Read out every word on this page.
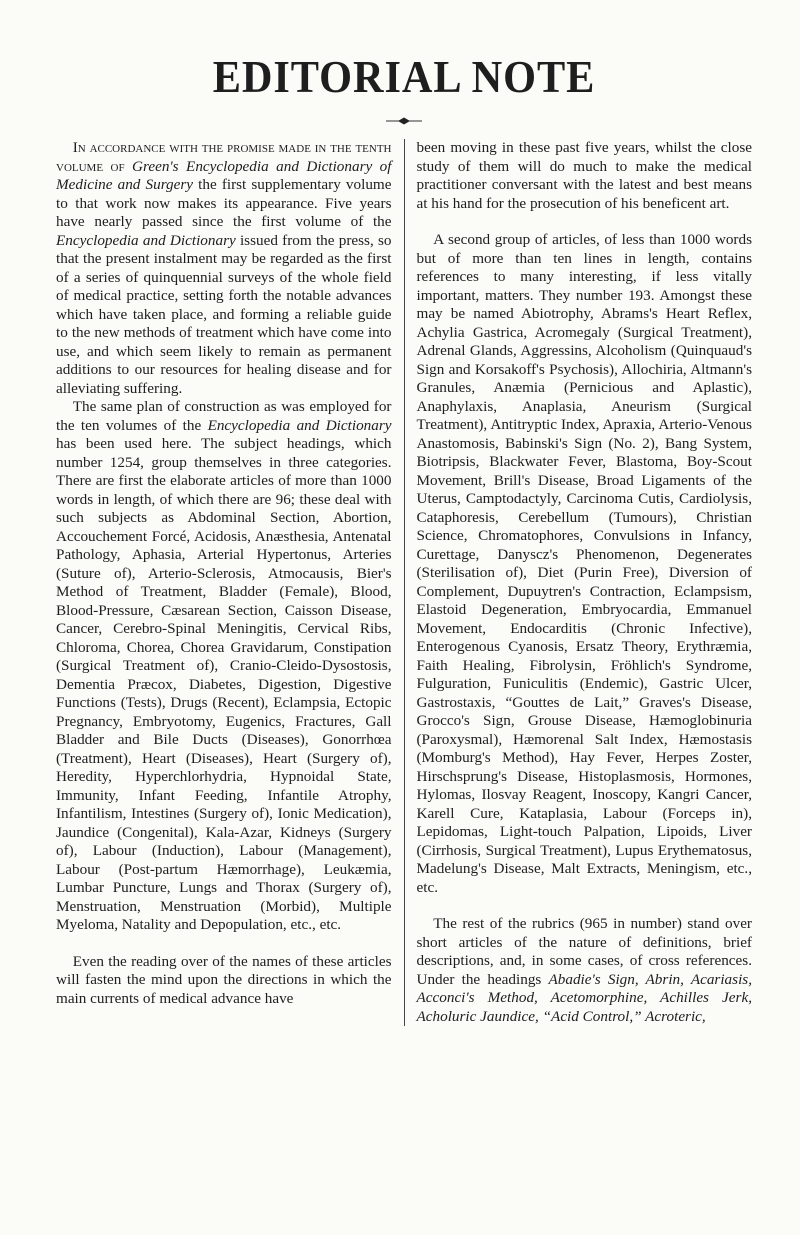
EDITORIAL NOTE

In accordance with the promise made in the tenth volume of Green's Encyclopedia and Dictionary of Medicine and Surgery the first supplementary volume to that work now makes its appearance. Five years have nearly passed since the first volume of the Encyclopedia and Dictionary issued from the press, so that the present instalment may be regarded as the first of a series of quinquennial surveys of the whole field of medical practice, setting forth the notable advances which have taken place, and forming a reliable guide to the new methods of treatment which have come into use, and which seem likely to remain as permanent additions to our resources for healing disease and for alleviating suffering.

The same plan of construction as was employed for the ten volumes of the Encyclopedia and Dictionary has been used here. The subject headings, which number 1254, group themselves in three categories. There are first the elaborate articles of more than 1000 words in length, of which there are 96; these deal with such subjects as Abdominal Section, Abortion, Accouchement Forcé, Acidosis, Anæsthesia, Antenatal Pathology, Aphasia, Arterial Hypertonus, Arteries (Suture of), Arterio-Sclerosis, Atmocausis, Bier's Method of Treatment, Bladder (Female), Blood, Blood-Pressure, Cæsarean Section, Caisson Disease, Cancer, Cerebro-Spinal Meningitis, Cervical Ribs, Chloroma, Chorea, Chorea Gravidarum, Constipation (Surgical Treatment of), Cranio-Cleido-Dysostosis, Dementia Præcox, Diabetes, Digestion, Digestive Functions (Tests), Drugs (Recent), Eclampsia, Ectopic Pregnancy, Embryotomy, Eugenics, Fractures, Gall Bladder and Bile Ducts (Diseases), Gonorrhœa (Treatment), Heart (Diseases), Heart (Surgery of), Heredity, Hyperchlorhydria, Hypnoidal State, Immunity, Infant Feeding, Infantile Atrophy, Infantilism, Intestines (Surgery of), Ionic Medication), Jaundice (Congenital), Kala-Azar, Kidneys (Surgery of), Labour (Induction), Labour (Management), Labour (Post-partum Hæmorrhage), Leukæmia, Lumbar Puncture, Lungs and Thorax (Surgery of), Menstruation, Menstruation (Morbid), Multiple Myeloma, Natality and Depopulation, etc., etc.

Even the reading over of the names of these articles will fasten the mind upon the directions in which the main currents of medical advance have

been moving in these past five years, whilst the close study of them will do much to make the medical practitioner conversant with the latest and best means at his hand for the prosecution of his beneficent art.

A second group of articles, of less than 1000 words but of more than ten lines in length, contains references to many interesting, if less vitally important, matters. They number 193. Amongst these may be named Abiotrophy, Abrams's Heart Reflex, Achylia Gastrica, Acromegaly (Surgical Treatment), Adrenal Glands, Aggressins, Alcoholism (Quinquaud's Sign and Korsakoff's Psychosis), Allochiria, Altmann's Granules, Anæmia (Pernicious and Aplastic), Anaphylaxis, Anaplasia, Aneurism (Surgical Treatment), Antitryptic Index, Apraxia, Arterio-Venous Anastomosis, Babinski's Sign (No. 2), Bang System, Biotripsis, Blackwater Fever, Blastoma, Boy-Scout Movement, Brill's Disease, Broad Ligaments of the Uterus, Camptodactyly, Carcinoma Cutis, Cardiolysis, Cataphoresis, Cerebellum (Tumours), Christian Science, Chromatophores, Convulsions in Infancy, Curettage, Danyscz's Phenomenon, Degenerates (Sterilisation of), Diet (Purin Free), Diversion of Complement, Dupuytren's Contraction, Eclampsism, Elastoid Degeneration, Embryocardia, Emmanuel Movement, Endocarditis (Chronic Infective), Enterogenous Cyanosis, Ersatz Theory, Erythræmia, Faith Healing, Fibrolysin, Fröhlich's Syndrome, Fulguration, Funiculitis (Endemic), Gastric Ulcer, Gastrostaxis, “Gouttes de Lait,” Graves's Disease, Grocco's Sign, Grouse Disease, Hæmoglobinuria (Paroxysmal), Hæmorenal Salt Index, Hæmostasis (Momburg's Method), Hay Fever, Herpes Zoster, Hirschsprung's Disease, Histoplasmosis, Hormones, Hylomas, Ilosvay Reagent, Inoscopy, Kangri Cancer, Karell Cure, Kataplasia, Labour (Forceps in), Lepidomas, Light-touch Palpation, Lipoids, Liver (Cirrhosis, Surgical Treatment), Lupus Erythematosus, Madelung's Disease, Malt Extracts, Meningism, etc., etc.

The rest of the rubrics (965 in number) stand over short articles of the nature of definitions, brief descriptions, and, in some cases, of cross references. Under the headings Abadie's Sign, Abrin, Acariasis, Acconci's Method, Acetomorphine, Achilles Jerk, Acholuric Jaundice, “Acid Control,” Acroteric,
